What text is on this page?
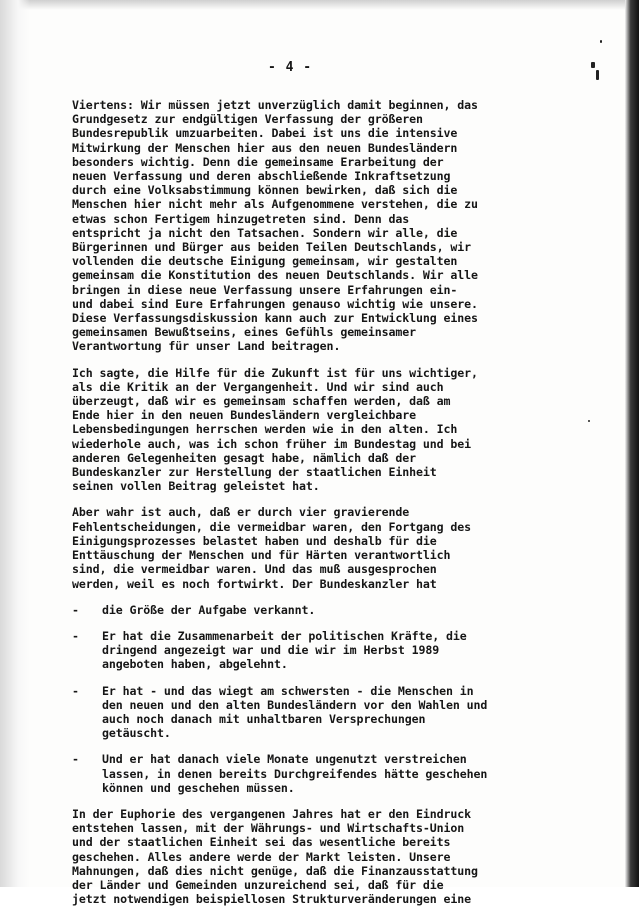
- 4 -

Viertens: Wir müssen jetzt unverzüglich damit beginnen, das
Grundgesetz zur endgültigen Verfassung der größeren
Bundesrepublik umzuarbeiten. Dabei ist uns die intensive
Mitwirkung der Menschen hier aus den neuen Bundesländern
besonders wichtig. Denn die gemeinsame Erarbeitung der
neuen Verfassung und deren abschließende Inkraftsetzung
durch eine Volksabstimmung können bewirken, daß sich die
Menschen hier nicht mehr als Aufgenommene verstehen, die zu
etwas schon Fertigem hinzugetreten sind. Denn das
entspricht ja nicht den Tatsachen. Sondern wir alle, die
Bürgerinnen und Bürger aus beiden Teilen Deutschlands, wir
vollenden die deutsche Einigung gemeinsam, wir gestalten
gemeinsam die Konstitution des neuen Deutschlands. Wir alle
bringen in diese neue Verfassung unsere Erfahrungen ein-
und dabei sind Eure Erfahrungen genauso wichtig wie unsere.
Diese Verfassungsdiskussion kann auch zur Entwicklung eines
gemeinsamen Bewußtseins, eines Gefühls gemeinsamer
Verantwortung für unser Land beitragen.

Ich sagte, die Hilfe für die Zukunft ist für uns wichtiger,
als die Kritik an der Vergangenheit. Und wir sind auch
überzeugt, daß wir es gemeinsam schaffen werden, daß am
Ende hier in den neuen Bundesländern vergleichbare
Lebensbedingungen herrschen werden wie in den alten. Ich
wiederhole auch, was ich schon früher im Bundestag und bei
anderen Gelegenheiten gesagt habe, nämlich daß der
Bundeskanzler zur Herstellung der staatlichen Einheit
seinen vollen Beitrag geleistet hat.

Aber wahr ist auch, daß er durch vier gravierende
Fehlentscheidungen, die vermeidbar waren, den Fortgang des
Einigungsprozesses belastet haben und deshalb für die
Enttäuschung der Menschen und für Härten verantwortlich
sind, die vermeidbar waren. Und das muß ausgesprochen
werden, weil es noch fortwirkt. Der Bundeskanzler hat

- die Größe der Aufgabe verkannt.
- Er hat die Zusammenarbeit der politischen Kräfte, die
dringend angezeigt war und die wir im Herbst 1989
angeboten haben, abgelehnt.
- Er hat - und das wiegt am schwersten - die Menschen in
den neuen und den alten Bundesländern vor den Wahlen und
auch noch danach mit unhaltbaren Versprechungen
getäuscht.
- Und er hat danach viele Monate ungenutzt verstreichen
lassen, in denen bereits Durchgreifendes hätte geschehen
können und geschehen müssen.

In der Euphorie des vergangenen Jahres hat er den Eindruck
entstehen lassen, mit der Währungs- und Wirtschafts-Union
und der staatlichen Einheit sei das wesentliche bereits
geschehen. Alles andere werde der Markt leisten. Unsere
Mahnungen, daß dies nicht genüge, daß die Finanzausstattung
der Länder und Gemeinden unzureichend sei, daß für die
jetzt notwendigen beispiellosen Strukturveränderungen eine
